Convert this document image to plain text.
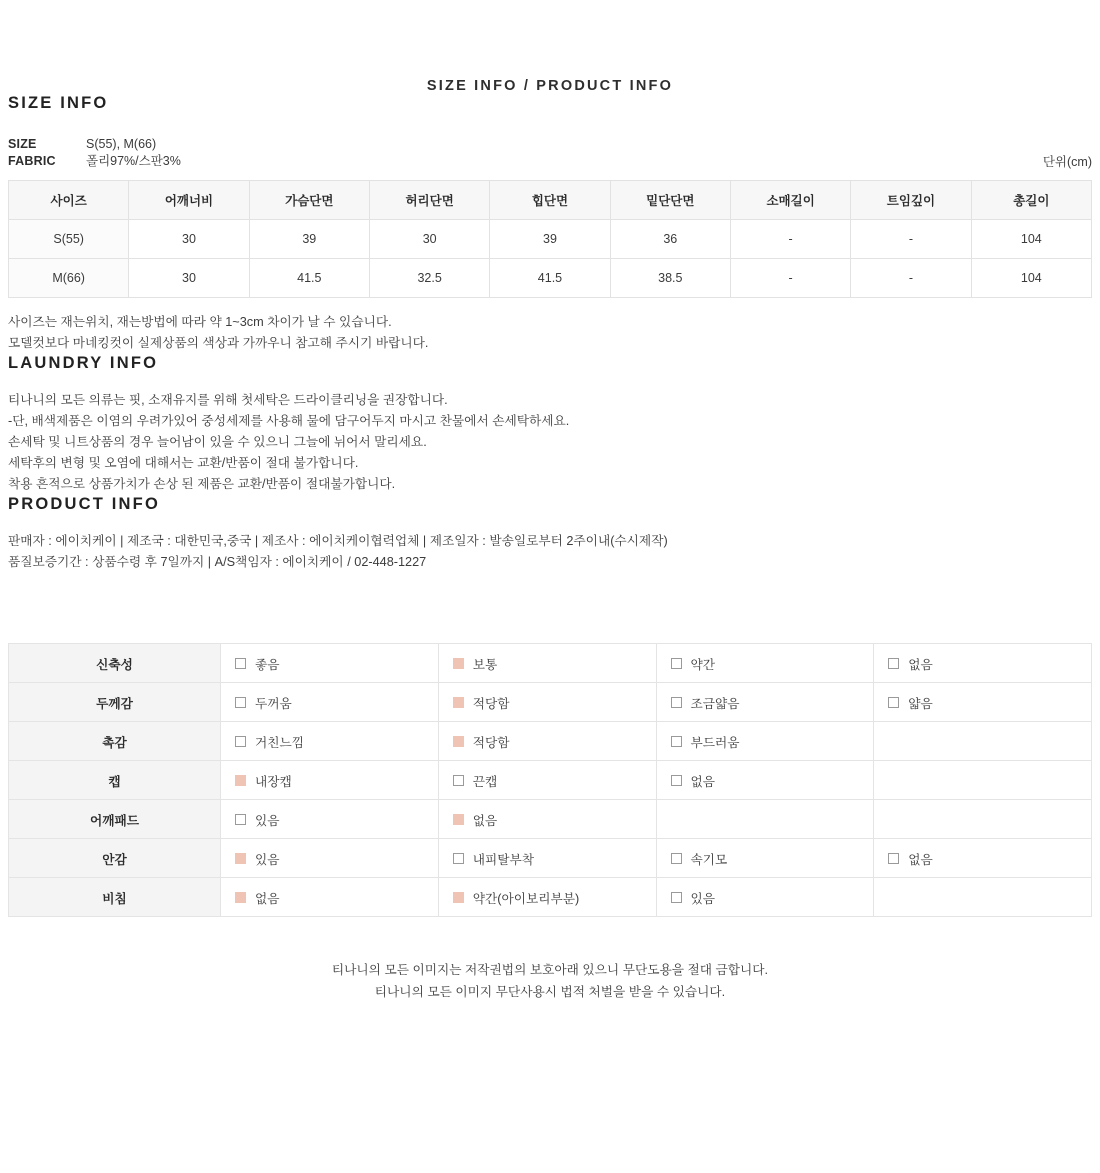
SIZE INFO / PRODUCT INFO
SIZE INFO
SIZE	S(55), M(66)
FABRIC	폴리97%/스판3%	단위(cm)
사이즈	어깨너비	가슴단면	허리단면	힙단면	밑단단면	소매길이	트임깊이	총길이
S(55)	30	39	30	39	36	-	-	104
M(66)	30	41.5	32.5	41.5	38.5	-	-	104
사이즈는 재는위치, 재는방법에 따라 약 1~3cm 차이가 날 수 있습니다.
모델컷보다 마네킹컷이 실제상품의 색상과 가까우니 참고해 주시기 바랍니다.
LAUNDRY INFO
티나니의 모든 의류는 핏, 소재유지를 위해 첫세탁은 드라이클리닝을 권장합니다.
-단, 배색제품은 이염의 우려가있어 중성세제를 사용해 물에 담구어두지 마시고 찬물에서 손세탁하세요.
손세탁 및 니트상품의 경우 늘어남이 있을 수 있으니 그늘에 뉘어서 말리세요.
세탁후의 변형 및 오염에 대해서는 교환/반품이 절대 불가합니다.
착용 흔적으로 상품가치가 손상 된 제품은 교환/반품이 절대불가합니다.
PRODUCT INFO
판매자 : 에이치케이 | 제조국 : 대한민국,중국 | 제조사 : 에이치케이협력업체 | 제조일자 : 발송일로부터 2주이내(수시제작)
품질보증기간 : 상품수령 후 7일까지 | A/S책임자 : 에이치케이 / 02-448-1227
신축성	좋음	보통	약간	없음

두께감	두꺼움	적당함	조금얇음	얇음

촉감	거친느낌	적당함	부드러움	

캡	내장캡	끈캡	없음	

어깨패드	있음	없음		

안감	있음	내피탈부착	속기모	없음

비침	없음	약간(아이보리부분)	있음	

티나니의 모든 이미지는 저작권법의 보호아래 있으니 무단도용을 절대 금합니다.
티나니의 모든 이미지 무단사용시 법적 처벌을 받을 수 있습니다.
